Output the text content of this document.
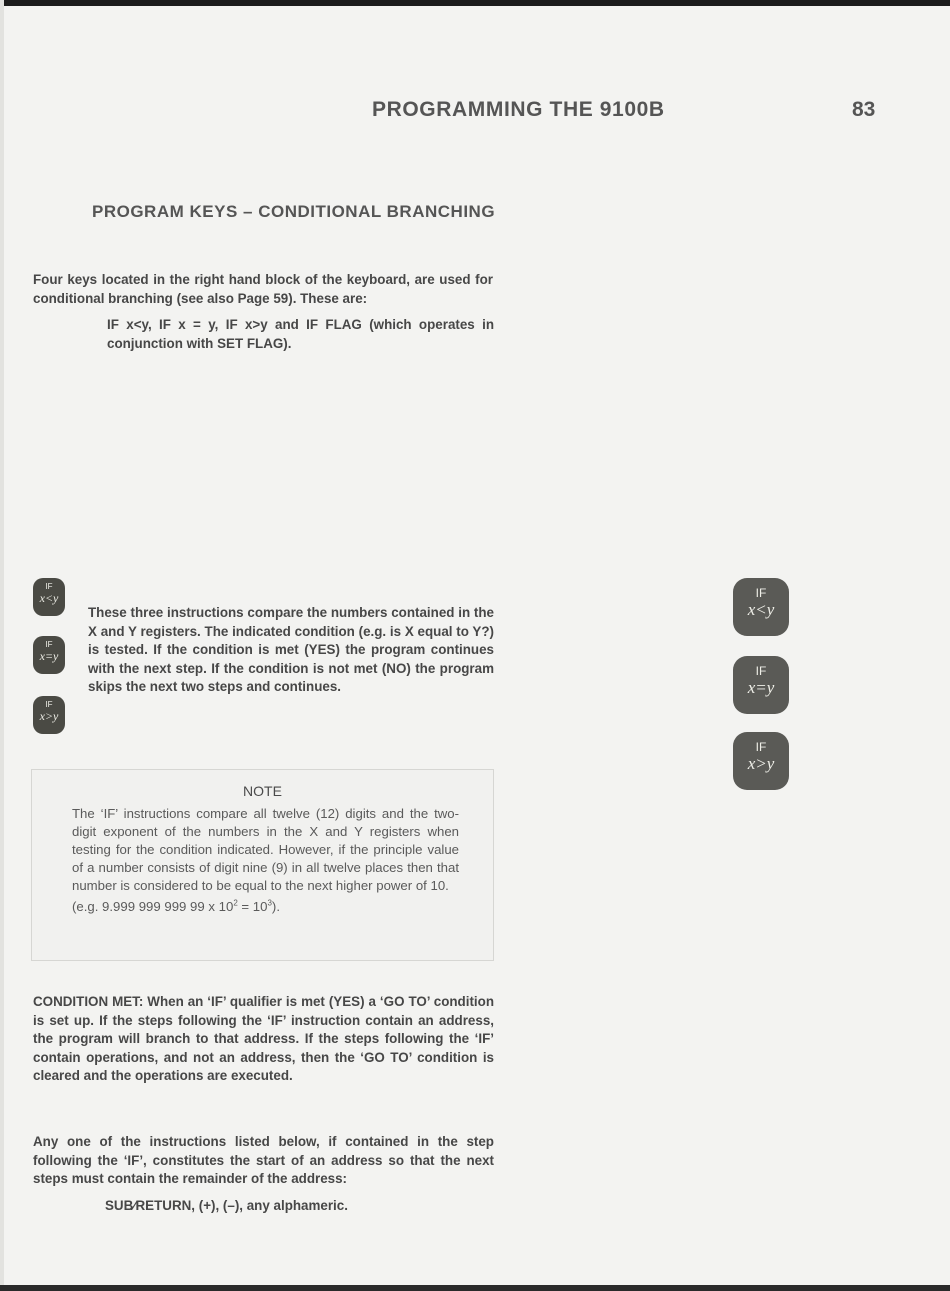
PROGRAMMING THE 9100B	83
PROGRAM KEYS – CONDITIONAL BRANCHING
Four keys located in the right hand block of the keyboard, are used for conditional branching (see also Page 59). These are:
IF x<y, IF x = y, IF x>y and IF FLAG (which operates in conjunction with SET FLAG).
IF
x<y
IF
x=y
IF
x>y
These three instructions compare the numbers contained in the X and Y registers. The indicated condition (e.g. is X equal to Y?) is tested. If the condition is met (YES) the program continues with the next step. If the condition is not met (NO) the program skips the next two steps and continues.
IF
x<y
IF
x=y
IF
x>y
NOTE
The ‘IF’ instructions compare all twelve (12) digits and the two-digit exponent of the numbers in the X and Y registers when testing for the condition indicated. However, if the principle value of a number consists of digit nine (9) in all twelve places then that number is considered to be equal to the next higher power of 10.
(e.g. 9.999 999 999 99 x $10^2 = 10^3$).
CONDITION MET: When an ‘IF’ qualifier is met (YES) a ‘GO TO’ condition is set up. If the steps following the ‘IF’ instruction contain an address, the program will branch to that address. If the steps following the ‘IF’ contain operations, and not an address, then the ‘GO TO’ condition is cleared and the operations are executed.
Any one of the instructions listed below, if contained in the step following the ‘IF’, constitutes the start of an address so that the next steps must contain the remainder of the address:
SUB∕RETURN, (+), (–), any alphameric.
